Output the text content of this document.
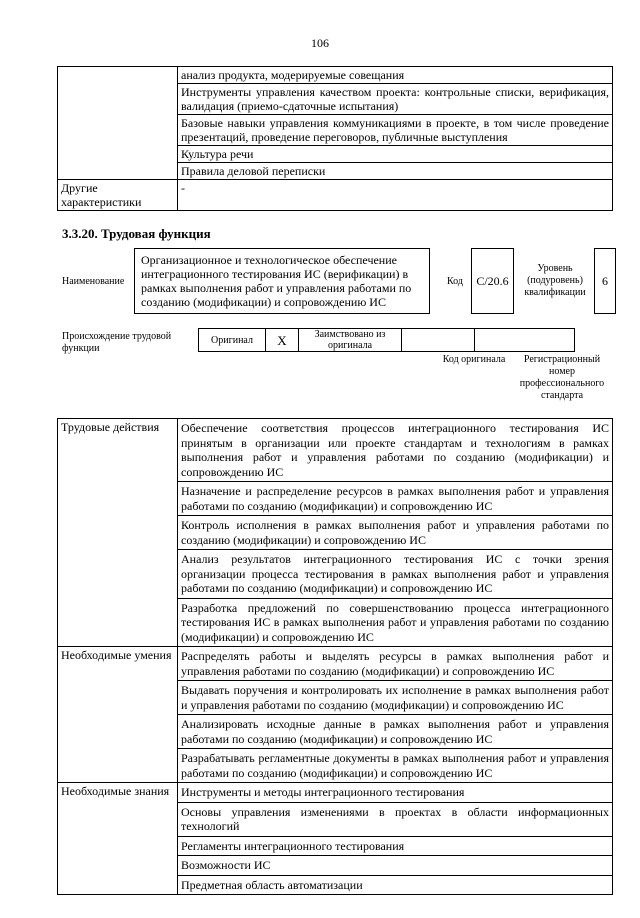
106
	анализ продукта, модерируемые совещания
	Инструменты управления качеством проекта: контрольные списки, верификация, валидация (приемо-сдаточные испытания)
	Базовые навыки управления коммуникациями в проекте, в том числе проведение презентаций, проведение переговоров, публичные выступления
	Культура речи
	Правила деловой переписки
Другие характеристики	-
3.3.20. Трудовая функция
Наименование
Организационное и технологическое обеспечение интеграционного тестирования ИС (верификации) в рамках выполнения работ и управления работами по созданию (модификации) и сопровождению ИС
Код	C/20.6
Уровень (подуровень) квалификации
6
Происхождение трудовой функции
Оригинал	X	Заимствовано из оригинала		
Код оригинала	Регистрационный номер профессионального стандарта
Трудовые действия	Обеспечение соответствия процессов интеграционного тестирования ИС принятым в организации или проекте стандартам и технологиям в рамках выполнения работ и управления работами по созданию (модификации) и сопровождению ИС
	Назначение и распределение ресурсов в рамках выполнения работ и управления работами по созданию (модификации) и сопровождению ИС
	Контроль исполнения в рамках выполнения работ и управления работами по созданию (модификации) и сопровождению ИС
	Анализ результатов интеграционного тестирования ИС с точки зрения организации процесса тестирования в рамках выполнения работ и управления работами по созданию (модификации) и сопровождению ИС
	Разработка предложений по совершенствованию процесса интеграционного тестирования ИС в рамках выполнения работ и управления работами по созданию (модификации) и сопровождению ИС
Необходимые умения	Распределять работы и выделять ресурсы в рамках выполнения работ и управления работами по созданию (модификации) и сопровождению ИС
	Выдавать поручения и контролировать их исполнение в рамках выполнения работ и управления работами по созданию (модификации) и сопровождению ИС
	Анализировать исходные данные в рамках выполнения работ и управления работами по созданию (модификации) и сопровождению ИС
	Разрабатывать регламентные документы в рамках выполнения работ и управления работами по созданию (модификации) и сопровождению ИС
Необходимые знания	Инструменты и методы интеграционного тестирования
	Основы управления изменениями в проектах в области информационных технологий
	Регламенты интеграционного тестирования
	Возможности ИС
	Предметная область автоматизации
